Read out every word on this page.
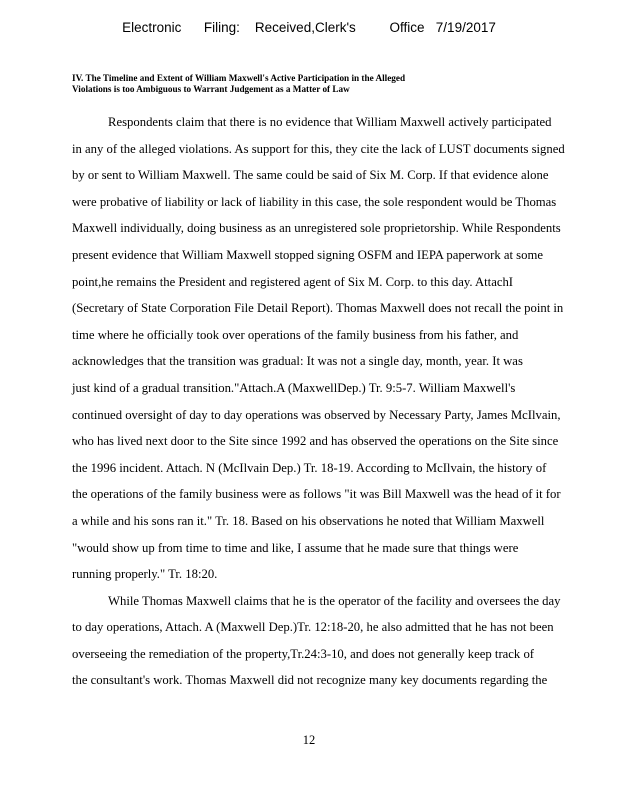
Electronic      Filing:    Received,Clerk's         Office   7/19/2017
IV. The Timeline and Extent of William Maxwell's Active Participation in the Alleged
Violations is too Ambiguous to Warrant Judgement as a Matter of Law
Respondents claim that there is no evidence that William Maxwell actively participated
in any of the alleged violations. As support for this, they cite the lack of LUST documents signed
by or sent to William Maxwell. The same could be said of Six M. Corp. If that evidence alone
were probative of liability or lack of liability in this case, the sole respondent would be Thomas
Maxwell individually, doing business as an unregistered sole proprietorship. While Respondents
present evidence that William Maxwell stopped signing OSFM and IEPA paperwork at some
point,he remains the President and registered agent of Six M. Corp. to this day. AttachI
(Secretary of State Corporation File Detail Report). Thomas Maxwell does not recall the point in
time where he officially took over operations of the family business from his father, and
acknowledges that the transition was gradual: It was not a single day, month, year. It was
just kind of a gradual transition."Attach.A (MaxwellDep.) Tr. 9:5-7. William Maxwell's
continued oversight of day to day operations was observed by Necessary Party, James McIlvain,
who has lived next door to the Site since 1992 and has observed the operations on the Site since
the 1996 incident. Attach. N (McIlvain Dep.) Tr. 18-19. According to McIlvain, the history of
the operations of the family business were as follows "it was Bill Maxwell was the head of it for
a while and his sons ran it." Tr. 18. Based on his observations he noted that William Maxwell
"would show up from time to time and like, I assume that he made sure that things were
running properly." Tr. 18:20.
While Thomas Maxwell claims that he is the operator of the facility and oversees the day
to day operations, Attach. A (Maxwell Dep.)Tr. 12:18-20, he also admitted that he has not been
overseeing the remediation of the property,Tr.24:3-10, and does not generally keep track of
the consultant's work. Thomas Maxwell did not recognize many key documents regarding the
12
